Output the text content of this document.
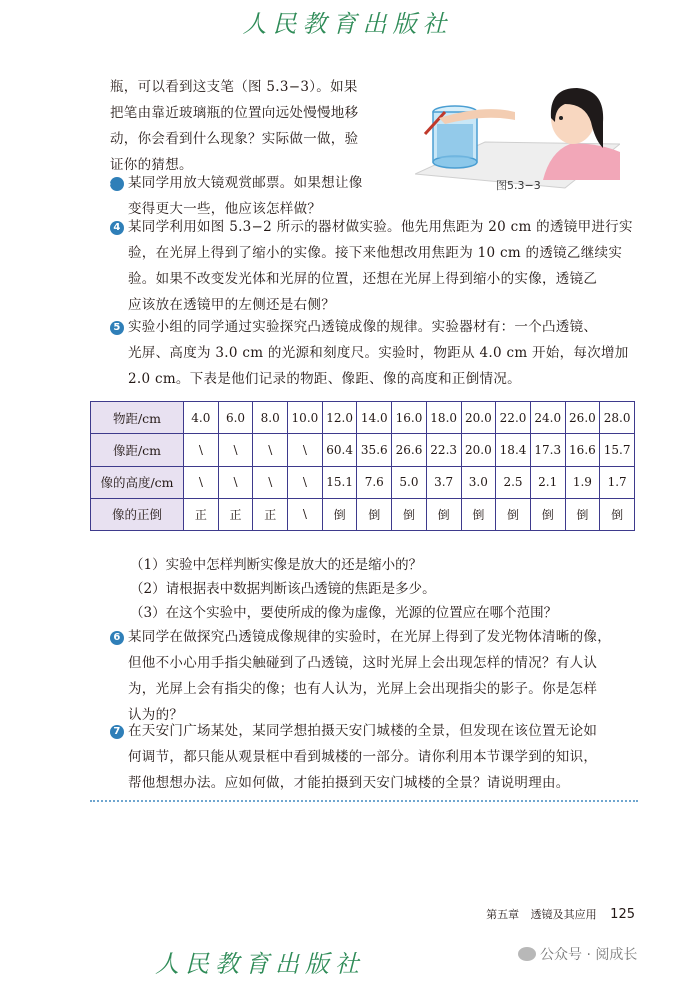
人民教育出版社
瓶，可以看到这支笔（图 5.3−3）。如果
把笔由靠近玻璃瓶的位置向远处慢慢地移
动，你会看到什么现象？实际做一做，验
证你的猜想。
图5.3−3
3 某同学用放大镜观赏邮票。如果想让像
变得更大一些，他应该怎样做？
4 某同学利用如图 5.3−2 所示的器材做实验。他先用焦距为 20 cm 的透镜甲进行实
验，在光屏上得到了缩小的实像。接下来他想改用焦距为 10 cm 的透镜乙继续实
验。如果不改变发光体和光屏的位置，还想在光屏上得到缩小的实像，透镜乙
应该放在透镜甲的左侧还是右侧？
5 实验小组的同学通过实验探究凸透镜成像的规律。实验器材有：一个凸透镜、
光屏、高度为 3.0 cm 的光源和刻度尺。实验时，物距从 4.0 cm 开始，每次增加
2.0 cm。下表是他们记录的物距、像距、像的高度和正倒情况。
物距/cm	4.0	6.0	8.0	10.0	12.0	14.0	16.0	18.0	20.0	22.0	24.0	26.0	28.0
像距/cm	\	\	\	\	60.4	35.6	26.6	22.3	20.0	18.4	17.3	16.6	15.7
像的高度/cm	\	\	\	\	15.1	7.6	5.0	3.7	3.0	2.5	2.1	1.9	1.7
像的正倒	正	正	正	\	倒	倒	倒	倒	倒	倒	倒	倒	倒
（1）实验中怎样判断实像是放大的还是缩小的？
（2）请根据表中数据判断该凸透镜的焦距是多少。
（3）在这个实验中，要使所成的像为虚像，光源的位置应在哪个范围？
6 某同学在做探究凸透镜成像规律的实验时，在光屏上得到了发光物体清晰的像，
但他不小心用手指尖触碰到了凸透镜，这时光屏上会出现怎样的情况？有人认
为，光屏上会有指尖的像；也有人认为，光屏上会出现指尖的影子。你是怎样
认为的？
7 在天安门广场某处，某同学想拍摄天安门城楼的全景，但发现在该位置无论如
何调节，都只能从观景框中看到城楼的一部分。请你利用本节课学到的知识，
帮他想想办法。应如何做，才能拍摄到天安门城楼的全景？请说明理由。
第五章 透镜及其应用 125
人民教育出版社	公众号 · 阅成长
